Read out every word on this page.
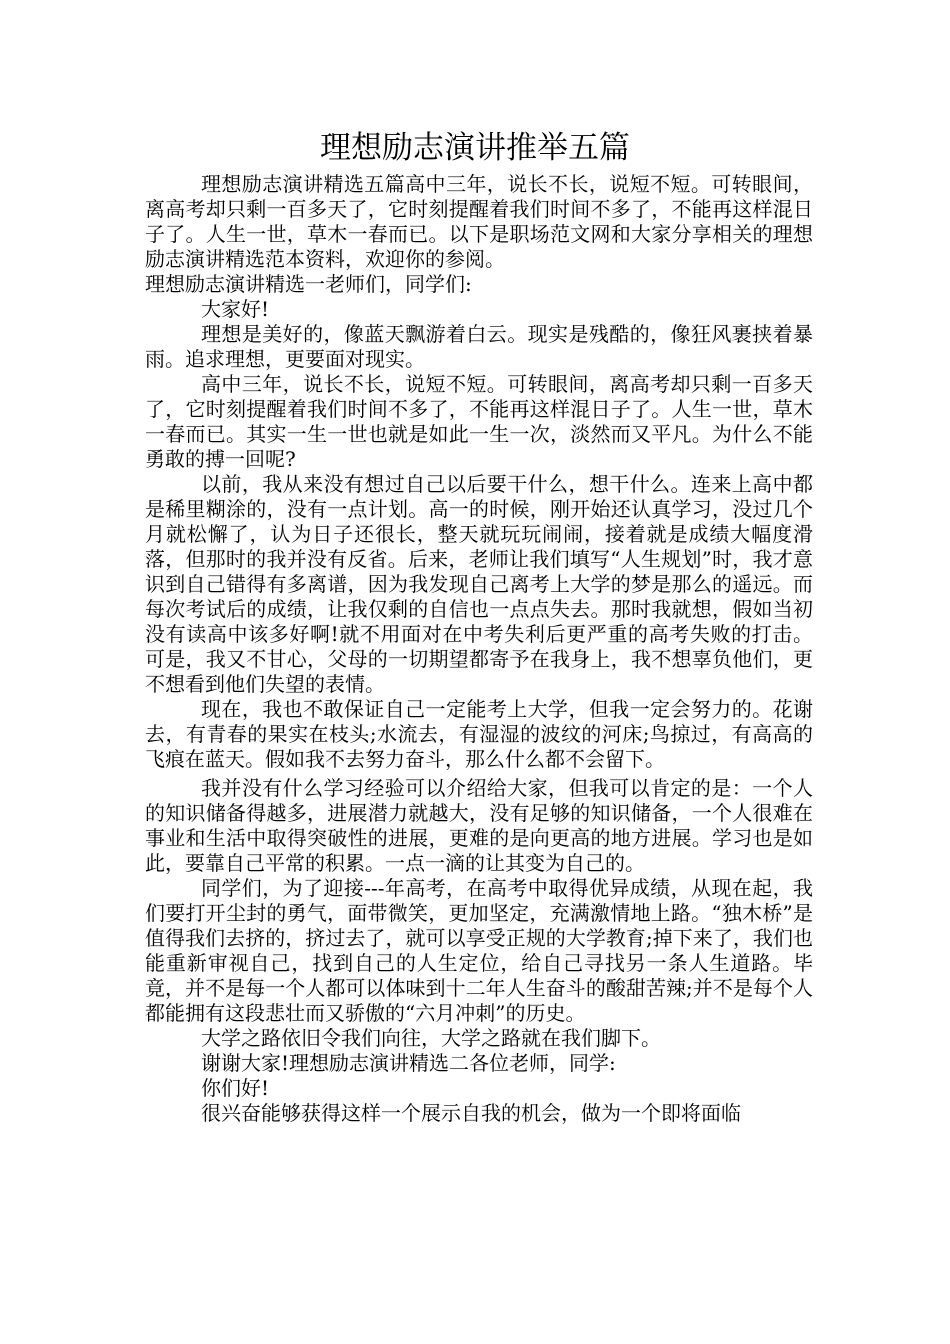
理想励志演讲推举五篇

理想励志演讲精选五篇高中三年，说长不长，说短不短。可转眼间，离高考却只剩一百多天了，它时刻提醒着我们时间不多了，不能再这样混日子了。人生一世，草木一春而已。以下是职场范文网和大家分享相关的理想励志演讲精选范本资料，欢迎你的参阅。

理想励志演讲精选一老师们，同学们:

大家好!

理想是美好的，像蓝天飘游着白云。现实是残酷的，像狂风裹挟着暴雨。追求理想，更要面对现实。

高中三年，说长不长，说短不短。可转眼间，离高考却只剩一百多天了，它时刻提醒着我们时间不多了，不能再这样混日子了。人生一世，草木一春而已。其实一生一世也就是如此一生一次，淡然而又平凡。为什么不能勇敢的搏一回呢?

以前，我从来没有想过自己以后要干什么，想干什么。连来上高中都是稀里糊涂的，没有一点计划。高一的时候，刚开始还认真学习，没过几个月就松懈了，认为日子还很长，整天就玩玩闹闹，接着就是成绩大幅度滑落，但那时的我并没有反省。后来，老师让我们填写“人生规划”时，我才意识到自己错得有多离谱，因为我发现自己离考上大学的梦是那么的遥远。而每次考试后的成绩，让我仅剩的自信也一点点失去。那时我就想，假如当初没有读高中该多好啊!就不用面对在中考失利后更严重的高考失败的打击。可是，我又不甘心，父母的一切期望都寄予在我身上，我不想辜负他们，更不想看到他们失望的表情。

现在，我也不敢保证自己一定能考上大学，但我一定会努力的。花谢去，有青春的果实在枝头;水流去，有湿湿的波纹的河床;鸟掠过，有高高的飞痕在蓝天。假如我不去努力奋斗，那么什么都不会留下。

我并没有什么学习经验可以介绍给大家，但我可以肯定的是：一个人的知识储备得越多，进展潜力就越大，没有足够的知识储备，一个人很难在事业和生活中取得突破性的进展，更难的是向更高的地方进展。学习也是如此，要靠自己平常的积累。一点一滴的让其变为自己的。

同学们，为了迎接---年高考，在高考中取得优异成绩，从现在起，我们要打开尘封的勇气，面带微笑，更加坚定，充满激情地上路。“独木桥”是值得我们去挤的，挤过去了，就可以享受正规的大学教育;掉下来了，我们也能重新审视自己，找到自己的人生定位，给自己寻找另一条人生道路。毕竟，并不是每一个人都可以体味到十二年人生奋斗的酸甜苦辣;并不是每个人都能拥有这段悲壮而又骄傲的“六月冲刺”的历史。

大学之路依旧令我们向往，大学之路就在我们脚下。

谢谢大家!理想励志演讲精选二各位老师，同学:

你们好!

很兴奋能够获得这样一个展示自我的机会，做为一个即将面临
